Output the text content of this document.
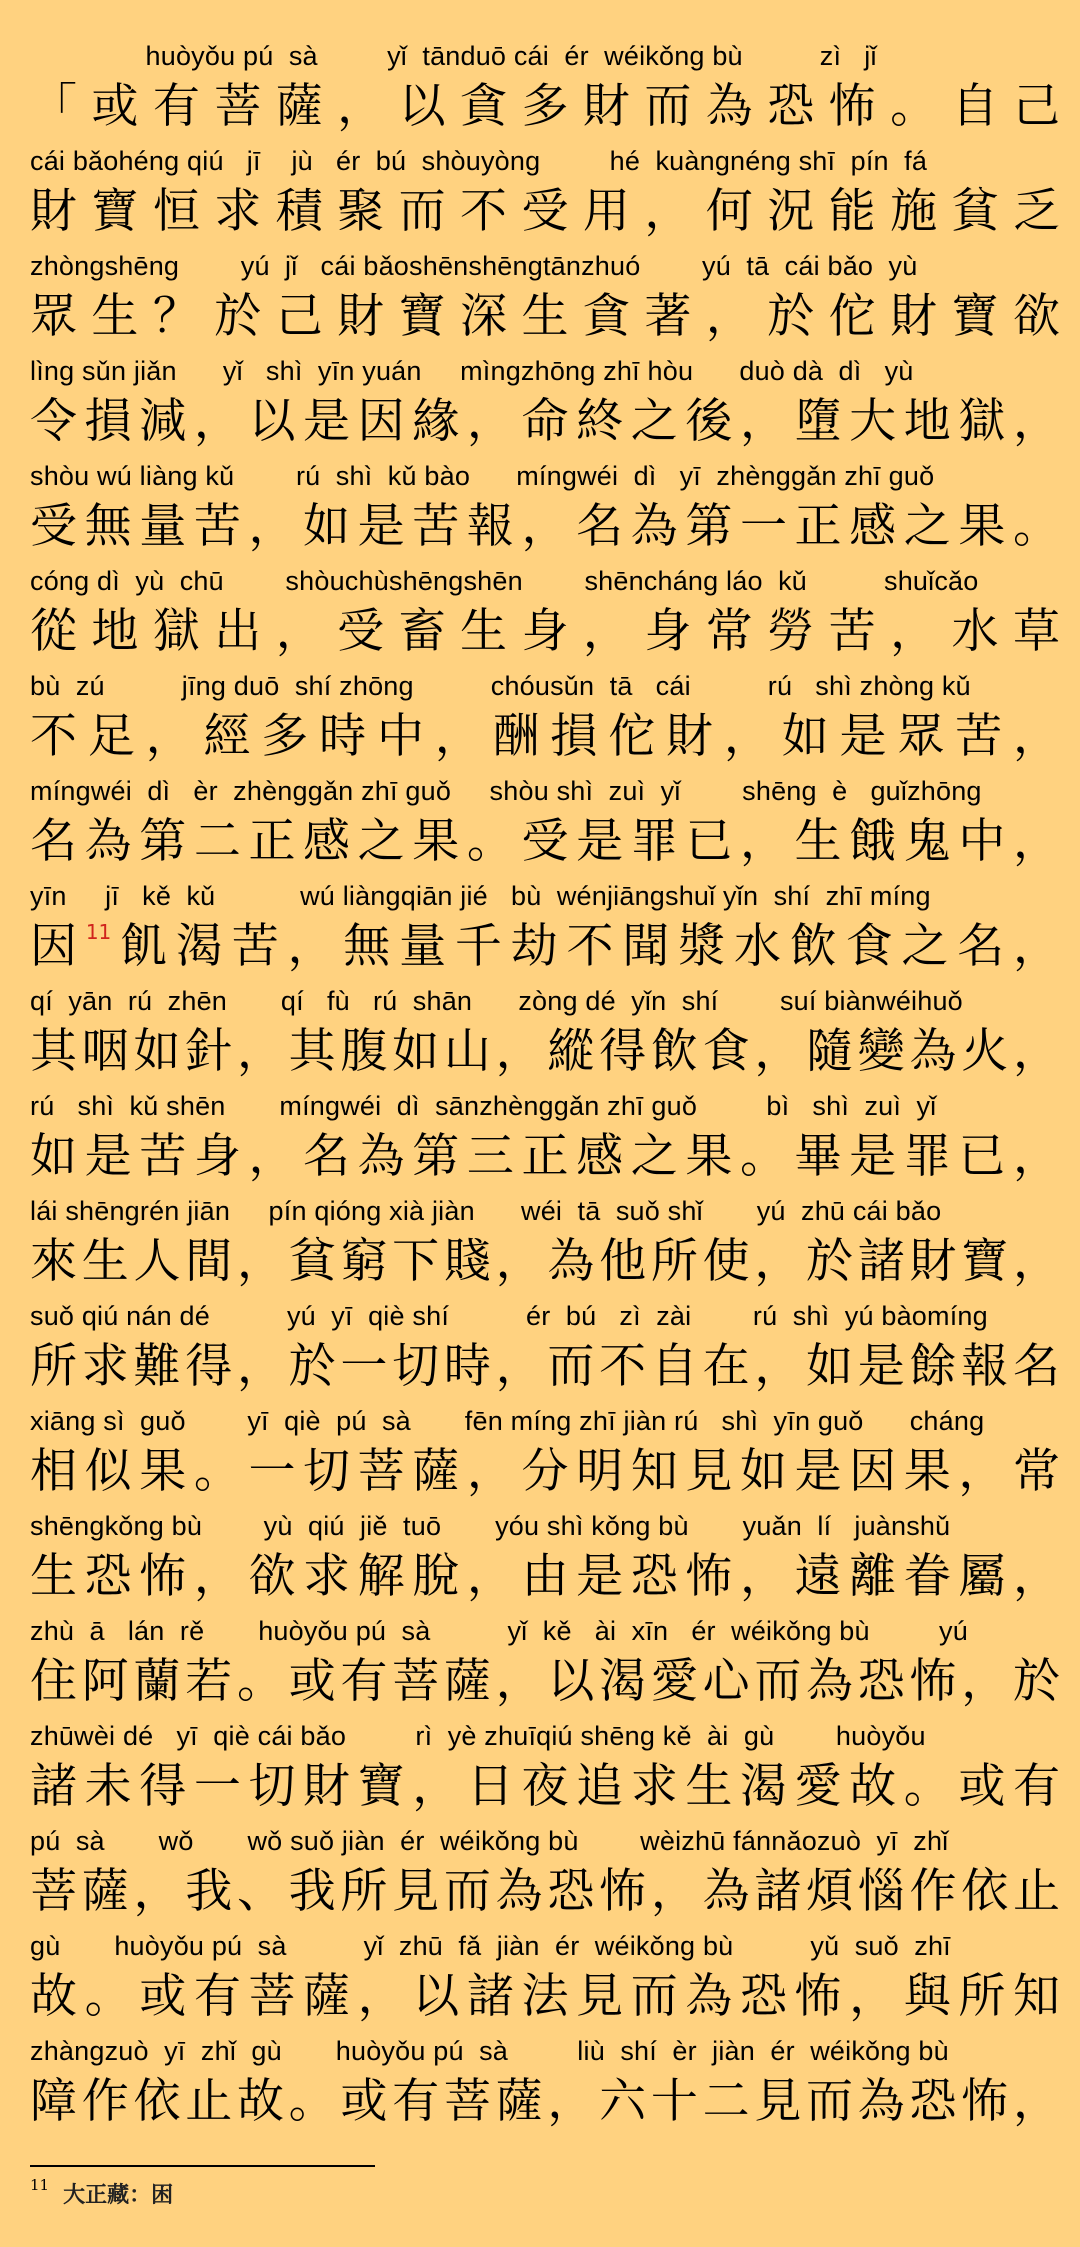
huòyǒu pú  sà         yǐ  tānduō cái  ér  wéikǒng bù          zì   jǐ
「或有菩薩，以貪多財而為恐怖。自己
cái bǎohéng qiú   jī    jù   ér  bú  shòuyòng         hé  kuàngnéng shī  pín  fá
財寶恒求積聚而不受用，何況能施貧乏
zhòngshēng        yú  jǐ   cái bǎoshēnshēngtānzhuó        yú  tā  cái bǎo  yù
眾生？於己財寶深生貪著，於佗財寶欲
lìng sǔn jiǎn      yǐ   shì  yīn yuán     mìngzhōng zhī hòu      duò dà  dì   yù
令損減，以是因緣，命終之後，墮大地獄，
shòu wú liàng kǔ        rú  shì  kǔ bào      míngwéi  dì   yī  zhènggǎn zhī guǒ
受無量苦，如是苦報，名為第一正感之果。
cóng dì  yù  chū        shòuchùshēngshēn        shēncháng láo  kǔ          shuǐcǎo
從地獄出，受畜生身，身常勞苦，水草
bù  zú          jīng duō  shí zhōng          chóusǔn  tā   cái          rú   shì zhòng kǔ
不足，經多時中，酬損佗財，如是眾苦，
míngwéi  dì   èr  zhènggǎn zhī guǒ     shòu shì  zuì  yǐ        shēng  è   guǐzhōng
名為第二正感之果。受是罪已，生餓鬼中，
yīn     jī   kě  kǔ           wú liàngqiān jié   bù  wénjiāngshuǐ yǐn  shí  zhī míng
因$^{11}$飢渴苦，無量千劫不聞漿水飲食之名，
qí  yān  rú  zhēn       qí   fù   rú  shān      zòng dé  yǐn  shí        suí biànwéihuǒ
其咽如針，其腹如山，縱得飲食，隨變為火，
rú   shì  kǔ shēn       míngwéi  dì  sānzhènggǎn zhī guǒ         bì   shì  zuì  yǐ
如是苦身，名為第三正感之果。畢是罪已，
lái shēngrén jiān     pín qióng xià jiàn      wéi  tā  suǒ shǐ       yú  zhū cái bǎo
來生人間，貧窮下賤，為他所使，於諸財寶，
suǒ qiú nán dé          yú  yī  qiè shí          ér  bú   zì  zài        rú  shì  yú bàomíng
所求難得，於一切時，而不自在，如是餘報名
xiāng sì  guǒ        yī  qiè  pú  sà       fēn míng zhī jiàn rú   shì  yīn guǒ      cháng
相似果。一切菩薩，分明知見如是因果，常
shēngkǒng bù        yù  qiú  jiě  tuō       yóu shì kǒng bù       yuǎn  lí   juànshǔ
生恐怖，欲求解脫，由是恐怖，遠離眷屬，
zhù  ā   lán  rě       huòyǒu pú  sà          yǐ  kě   ài  xīn   ér  wéikǒng bù         yú
住阿蘭若。或有菩薩，以渴愛心而為恐怖，於
zhūwèi dé   yī  qiè cái bǎo         rì  yè zhuīqiú shēng kě  ài  gù        huòyǒu
諸未得一切財寶，日夜追求生渴愛故。或有
pú  sà       wǒ       wǒ suǒ jiàn  ér  wéikǒng bù        wèizhū fánnǎozuò  yī  zhǐ
菩薩，我、我所見而為恐怖，為諸煩惱作依止
gù       huòyǒu pú  sà          yǐ  zhū  fǎ  jiàn  ér  wéikǒng bù          yǔ  suǒ  zhī
故。或有菩薩，以諸法見而為恐怖，與所知
zhàngzuò  yī  zhǐ  gù       huòyǒu pú  sà         liù  shí  èr  jiàn  ér  wéikǒng bù
障作依止故。或有菩薩，六十二見而為恐怖，
$^{11}$ 大正藏：困
